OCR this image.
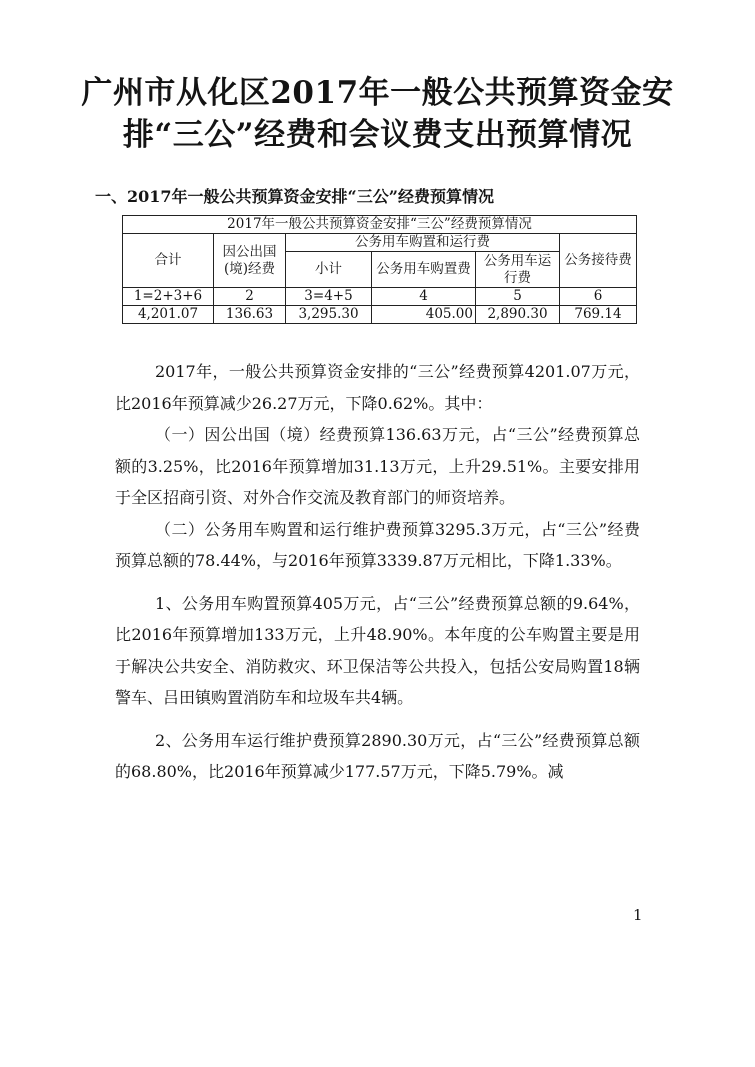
广州市从化区2017年一般公共预算资金安
排“三公”经费和会议费支出预算情况
一、2017年一般公共预算资金安排“三公”经费预算情况
2017年一般公共预算资金安排“三公”经费预算情况					
合计	因公出国(境)经费	公务用车购置和运行费			公务接待费
		小计	公务用车购置费	公务用车运行费	
1=2+3+6	2	3=4+5	4	5	6
4,201.07	136.63	3,295.30	405.00	2,890.30	769.14

2017年，一般公共预算资金安排的“三公”经费预算4201.07万元，比2016年预算减少26.27万元，下降0.62%。其中：

（一）因公出国（境）经费预算136.63万元，占“三公”经费预算总额的3.25%，比2016年预算增加31.13万元，上升29.51%。主要安排用于全区招商引资、对外合作交流及教育部门的师资培养。

（二）公务用车购置和运行维护费预算3295.3万元，占“三公”经费预算总额的78.44%，与2016年预算3339.87万元相比，下降1.33%。

1、公务用车购置预算405万元，占“三公”经费预算总额的9.64%，比2016年预算增加133万元，上升48.90%。本年度的公车购置主要是用于解决公共安全、消防救灾、环卫保洁等公共投入，包括公安局购置18辆警车、吕田镇购置消防车和垃圾车共4辆。

2、公务用车运行维护费预算2890.30万元，占“三公”经费预算总额的68.80%，比2016年预算减少177.57万元，下降5.79%。减

1
